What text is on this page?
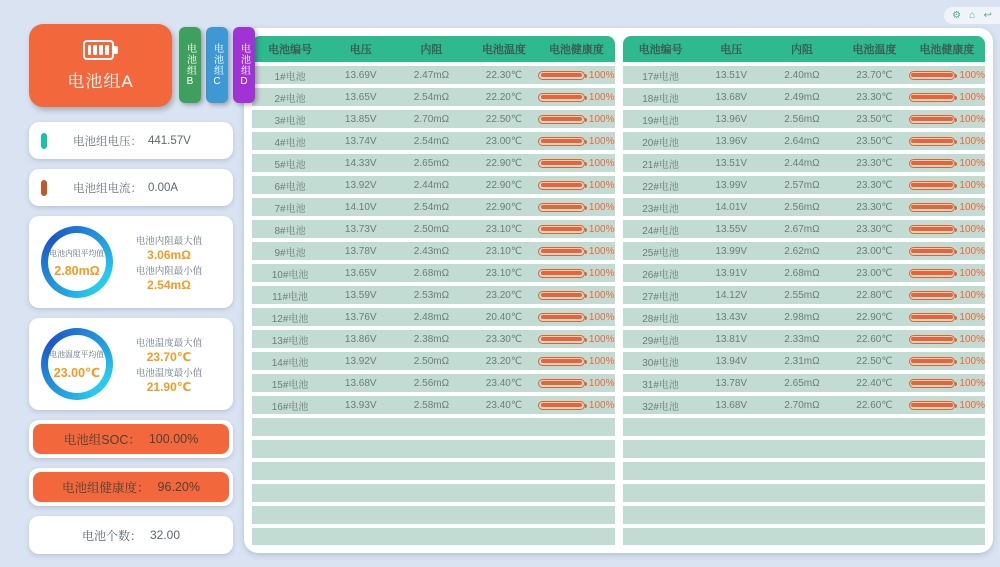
⚙ ⌂ ↩
电池组A	电池组B 电池组C 电池组D
电池组电压： 441.57V
电池组电流： 0.00A
电池内阻平均值
2.80mΩ
电池内阻最大值
3.06mΩ
电池内阻最小值
2.54mΩ
电池温度平均值
23.00℃
电池温度最大值
23.70℃
电池温度最小值
21.90℃
电池组SOC： 100.00%
电池组健康度： 96.20%
电池个数： 32.00
电池编号	电压	内阻	电池温度	电池健康度
1#电池	13.69V	2.47mΩ	22.30℃	100%
2#电池	13.65V	2.54mΩ	22.20℃	100%
3#电池	13.85V	2.70mΩ	22.50℃	100%
4#电池	13.74V	2.54mΩ	23.00℃	100%
5#电池	14.33V	2.65mΩ	22.90℃	100%
6#电池	13.92V	2.44mΩ	22.90℃	100%
7#电池	14.10V	2.54mΩ	22.90℃	100%
8#电池	13.73V	2.50mΩ	23.10℃	100%
9#电池	13.78V	2.43mΩ	23.10℃	100%
10#电池	13.65V	2.68mΩ	23.10℃	100%
11#电池	13.59V	2.53mΩ	23.20℃	100%
12#电池	13.76V	2.48mΩ	20.40℃	100%
13#电池	13.86V	2.38mΩ	23.30℃	100%
14#电池	13.92V	2.50mΩ	23.20℃	100%
15#电池	13.68V	2.56mΩ	23.40℃	100%
16#电池	13.93V	2.58mΩ	23.40℃	100%
电池编号	电压	内阻	电池温度	电池健康度
17#电池	13.51V	2.40mΩ	23.70℃	100%
18#电池	13.68V	2.49mΩ	23.30℃	100%
19#电池	13.96V	2.56mΩ	23.50℃	100%
20#电池	13.96V	2.64mΩ	23.50℃	100%
21#电池	13.51V	2.44mΩ	23.30℃	100%
22#电池	13.99V	2.57mΩ	23.30℃	100%
23#电池	14.01V	2.56mΩ	23.30℃	100%
24#电池	13.55V	2.67mΩ	23.30℃	100%
25#电池	13.99V	2.62mΩ	23.00℃	100%
26#电池	13.91V	2.68mΩ	23.00℃	100%
27#电池	14.12V	2.55mΩ	22.80℃	100%
28#电池	13.43V	2.98mΩ	22.90℃	100%
29#电池	13.81V	2.33mΩ	22.60℃	100%
30#电池	13.94V	2.31mΩ	22.50℃	100%
31#电池	13.78V	2.65mΩ	22.40℃	100%
32#电池	13.68V	2.70mΩ	22.60℃	100%
